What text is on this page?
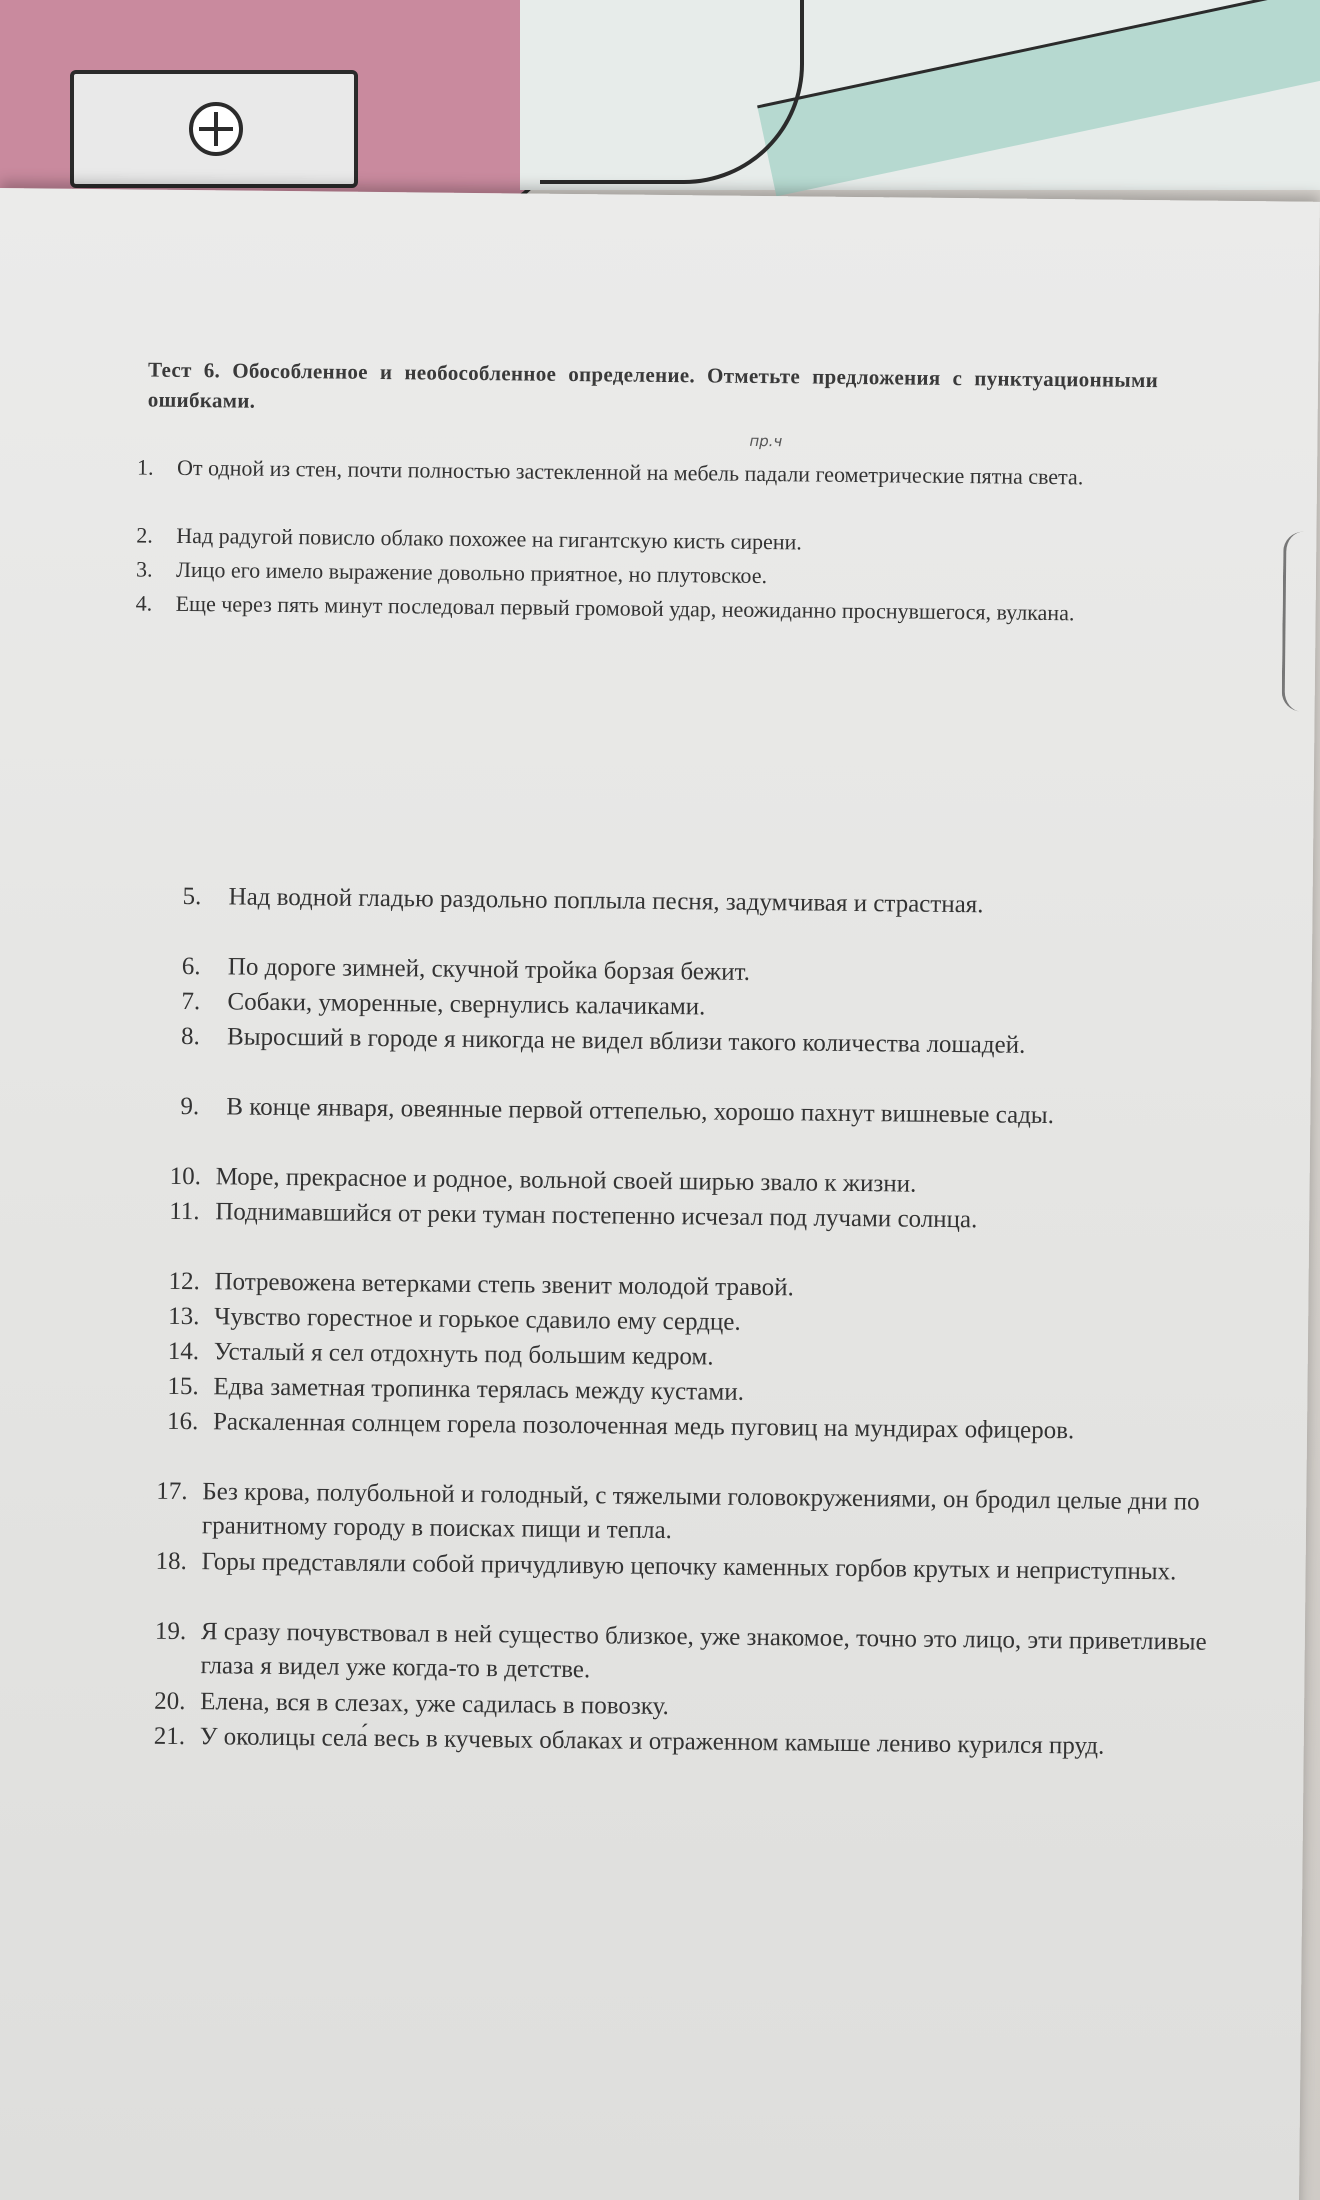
Тест 6. Обособленное и необособленное определение. Отметьте предложения с пунктуационными ошибками.
пр.ч
1. От одной из стен, почти полностью застекленной на мебель падали геометрические пятна света.
2. Над радугой повисло облако похожее на гигантскую кисть сирени.
3. Лицо его имело выражение довольно приятное, но плутовское.
4. Еще через пять минут последовал первый громовой удар, неожиданно проснувшегося, вулкана.
5. Над водной гладью раздольно поплыла песня, задумчивая и страстная.
6. По дороге зимней, скучной тройка борзая бежит.
7. Собаки, уморенные, свернулись калачиками.
8. Выросший в городе я никогда не видел вблизи такого количества лошадей.
9. В конце января, овеянные первой оттепелью, хорошо пахнут вишневые сады.
10. Море, прекрасное и родное, вольной своей ширью звало к жизни.
11. Поднимавшийся от реки туман постепенно исчезал под лучами солнца.
12. Потревожена ветерками степь звенит молодой травой.
13. Чувство горестное и горькое сдавило ему сердце.
14. Усталый я сел отдохнуть под большим кедром.
15. Едва заметная тропинка терялась между кустами.
16. Раскаленная солнцем горела позолоченная медь пуговиц на мундирах офицеров.
17. Без крова, полубольной и голодный, с тяжелыми головокружениями, он бродил целые дни по гранитному городу в поисках пищи и тепла.
18. Горы представляли собой причудливую цепочку каменных горбов крутых и неприступных.
19. Я сразу почувствовал в ней существо близкое, уже знакомое, точно это лицо, эти приветливые глаза я видел уже когда-то в детстве.
20. Елена, вся в слезах, уже садилась в повозку.
21. У околицы села́ весь в кучевых облаках и отраженном камыше лениво курился пруд.
